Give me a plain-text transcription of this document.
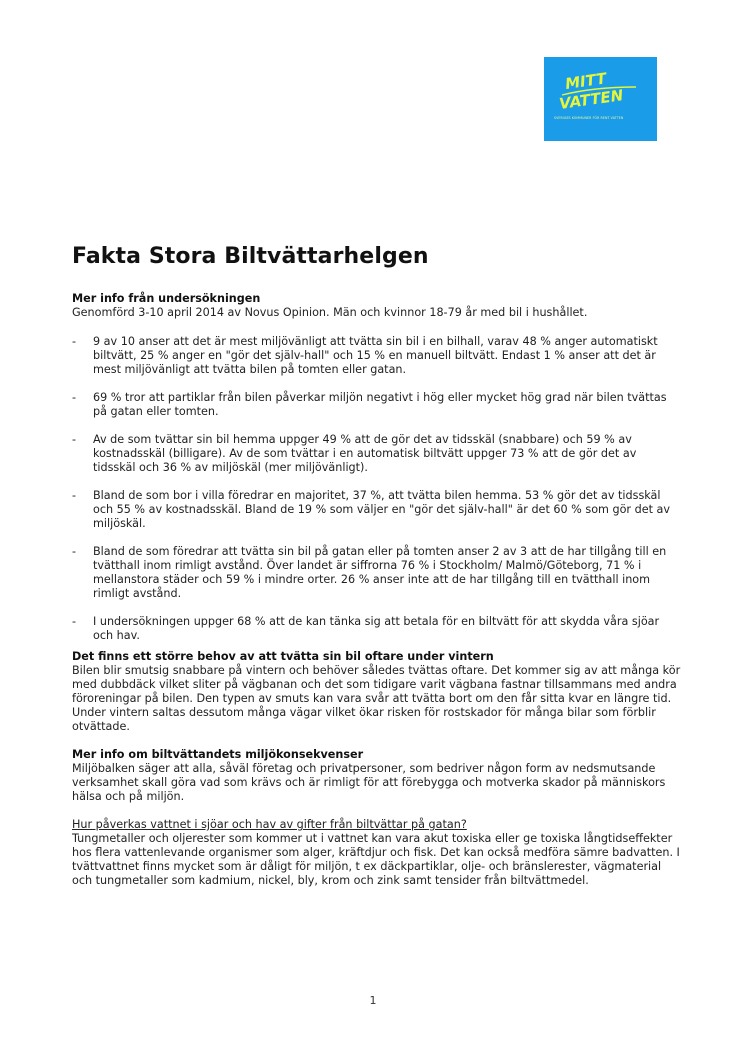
MITT
VATTEN
SVERIGES KOMMUNER FÖR RENT VATTEN
Fakta Stora Biltvättarhelgen

Mer info från undersökningen

Genomförd 3-10 april 2014 av Novus Opinion. Män och kvinnor 18-79 år med bil i hushållet.

- 9 av 10 anser att det är mest miljövänligt att tvätta sin bil i en bilhall, varav 48 % anger automatiskt biltvätt, 25 % anger en "gör det själv-hall" och 15 % en manuell biltvätt. Endast 1 % anser att det är mest miljövänligt att tvätta bilen på tomten eller gatan.
- 69 % tror att partiklar från bilen påverkar miljön negativt i hög eller mycket hög grad när bilen tvättas på gatan eller tomten.
- Av de som tvättar sin bil hemma uppger 49 % att de gör det av tidsskäl (snabbare) och 59 % av kostnadsskäl (billigare). Av de som tvättar i en automatisk biltvätt uppger 73 % att de gör det av tidsskäl och 36 % av miljöskäl (mer miljövänligt).
- Bland de som bor i villa föredrar en majoritet, 37 %, att tvätta bilen hemma. 53 % gör det av tidsskäl och 55 % av kostnadsskäl. Bland de 19 % som väljer en "gör det själv-hall" är det 60 % som gör det av miljöskäl.
- Bland de som föredrar att tvätta sin bil på gatan eller på tomten anser 2 av 3 att de har tillgång till en tvätthall inom rimligt avstånd. Över landet är siffrorna 76 % i Stockholm/ Malmö/Göteborg, 71 % i mellanstora städer och 59 % i mindre orter. 26 % anser inte att de har tillgång till en tvätthall inom rimligt avstånd.
- I undersökningen uppger 68 % att de kan tänka sig att betala för en biltvätt för att skydda våra sjöar och hav.

Det finns ett större behov av att tvätta sin bil oftare under vintern

Bilen blir smutsig snabbare på vintern och behöver således tvättas oftare. Det kommer sig av att många kör med dubbdäck vilket sliter på vägbanan och det som tidigare varit vägbana fastnar tillsammans med andra föroreningar på bilen. Den typen av smuts kan vara svår att tvätta bort om den får sitta kvar en längre tid. Under vintern saltas dessutom många vägar vilket ökar risken för rostskador för många bilar som förblir otvättade.

Mer info om biltvättandets miljökonsekvenser

Miljöbalken säger att alla, såväl företag och privatpersoner, som bedriver någon form av nedsmutsande verksamhet skall göra vad som krävs och är rimligt för att förebygga och motverka skador på människors hälsa och på miljön.

Hur påverkas vattnet i sjöar och hav av gifter från biltvättar på gatan?

Tungmetaller och oljerester som kommer ut i vattnet kan vara akut toxiska eller ge toxiska långtidseffekter hos flera vattenlevande organismer som alger, kräftdjur och fisk. Det kan också medföra sämre badvatten. I tvättvattnet finns mycket som är dåligt för miljön, t ex däckpartiklar, olje- och bränslerester, vägmaterial och tungmetaller som kadmium, nickel, bly, krom och zink samt tensider från biltvättmedel.

1
